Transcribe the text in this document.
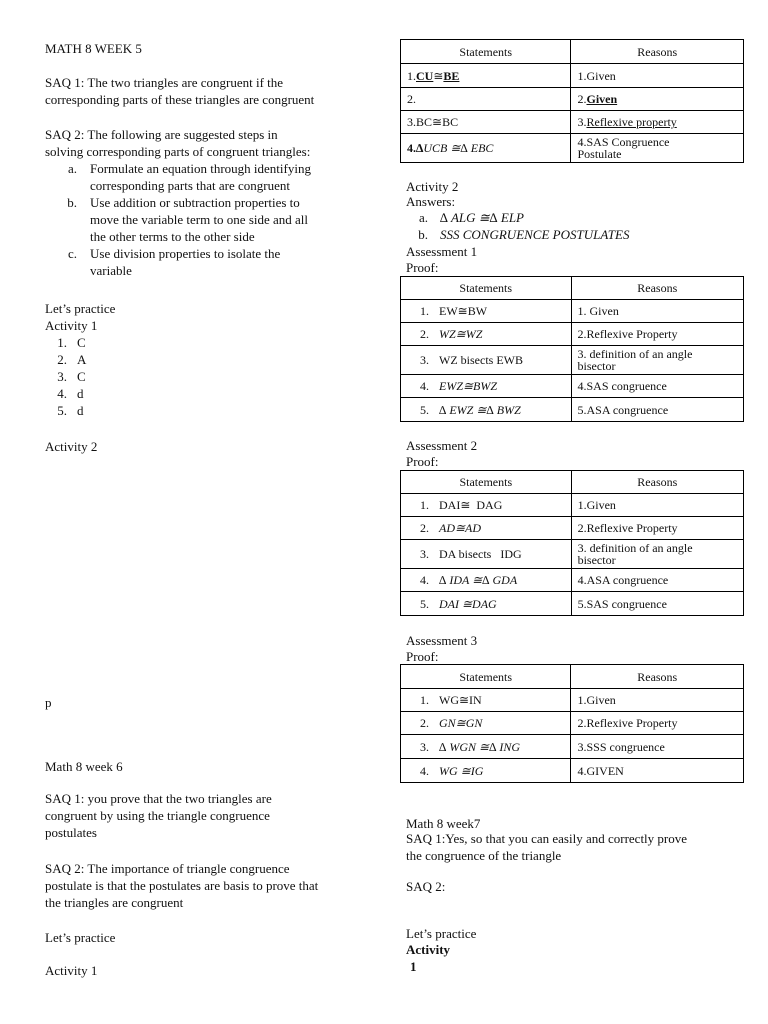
MATH 8 WEEK 5
SAQ 1: The two triangles are congruent if the
corresponding parts of these triangles are congruent
SAQ 2: The following are suggested steps in
solving corresponding parts of congruent triangles:
a. Formulate an equation through identifying
corresponding parts that are congruent
b. Use addition or subtraction properties to
move the variable term to one side and all
the other terms to the other side
c. Use division properties to isolate the
variable
Let’s practice
Activity 1
1. C
2. A
3. C
4. d
5. d
Activity 2
p
Math 8 week 6
SAQ 1: you prove that the two triangles are
congruent by using the triangle congruence
postulates
SAQ 2: The importance of triangle congruence
postulate is that the postulates are basis to prove that
the triangles are congruent
Let’s practice
Activity 1
Statements	Reasons
1.CU≅BE	1.Given
2.	2.Given
3.BC≅BC	3.Reflexive property
4.∆UCB ≅∆ EBC	4.SAS Congruence
Postulate
Activity 2
Answers:
a. ∆ ALG ≅∆ ELP
b. SSS CONGRUENCE POSTULATES
Assessment 1
Proof:
Statements	Reasons
1. EW≅BW	1. Given
2. WZ≅WZ	2.Reflexive Property
3. WZ bisects EWB	3. definition of an angle
bisector

4. EWZ≅BWZ	4.SAS congruence
5. ∆ EWZ ≅∆ BWZ	5.ASA congruence
Assessment 2
Proof:
Statements	Reasons
1. DAI≅  DAG	1.Given
2. AD≅AD	2.Reflexive Property
3. DA bisects   IDG	3. definition of an angle
bisector

4. ∆ IDA ≅∆ GDA	4.ASA congruence
5. DAI ≅DAG	5.SAS congruence
Assessment 3
Proof:
Statements	Reasons
1. WG≅IN	1.Given
2. GN≅GN	2.Reflexive Property
3. ∆ WGN ≅∆ ING	3.SSS congruence
4. WG ≅IG	4.GIVEN
Math 8 week7
SAQ 1:Yes, so that you can easily and correctly prove
the congruence of the triangle
SAQ 2:
Let’s practice
Activity
1
